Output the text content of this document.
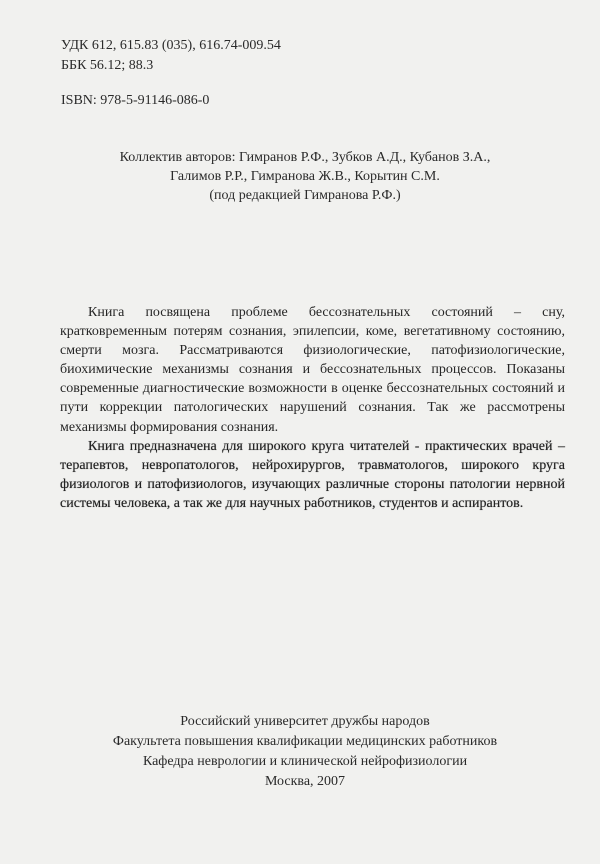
УДК 612, 615.83 (035), 616.74-009.54
ББК 56.12; 88.3
ISBN: 978-5-91146-086-0
Коллектив авторов: Гимранов Р.Ф., Зубков А.Д., Кубанов З.А.,
Галимов Р.Р., Гимранова Ж.В., Корытин С.М.
(под редакцией Гимранова Р.Ф.)

Книга посвящена проблеме бессознательных состояний – сну, кратковременным потерям сознания, эпилепсии, коме, вегетативному состоянию, смерти мозга. Рассматриваются физиологические, патофизиологические, биохимические механизмы сознания и бессознательных процессов. Показаны современные диагностические возможности в оценке бессознательных состояний и пути коррекции патологических нарушений сознания. Так же рассмотрены механизмы формирования сознания.

Книга предназначена для широкого круга читателей - практических врачей – терапевтов, невропатологов, нейрохирургов, травматологов, широкого круга физиологов и патофизиологов, изучающих различные стороны патологии нервной системы человека, а так же для научных работников, студентов и аспирантов.

Российский университет дружбы народов
Факультета повышения квалификации медицинских работников
Кафедра неврологии и клинической нейрофизиологии
Москва, 2007
